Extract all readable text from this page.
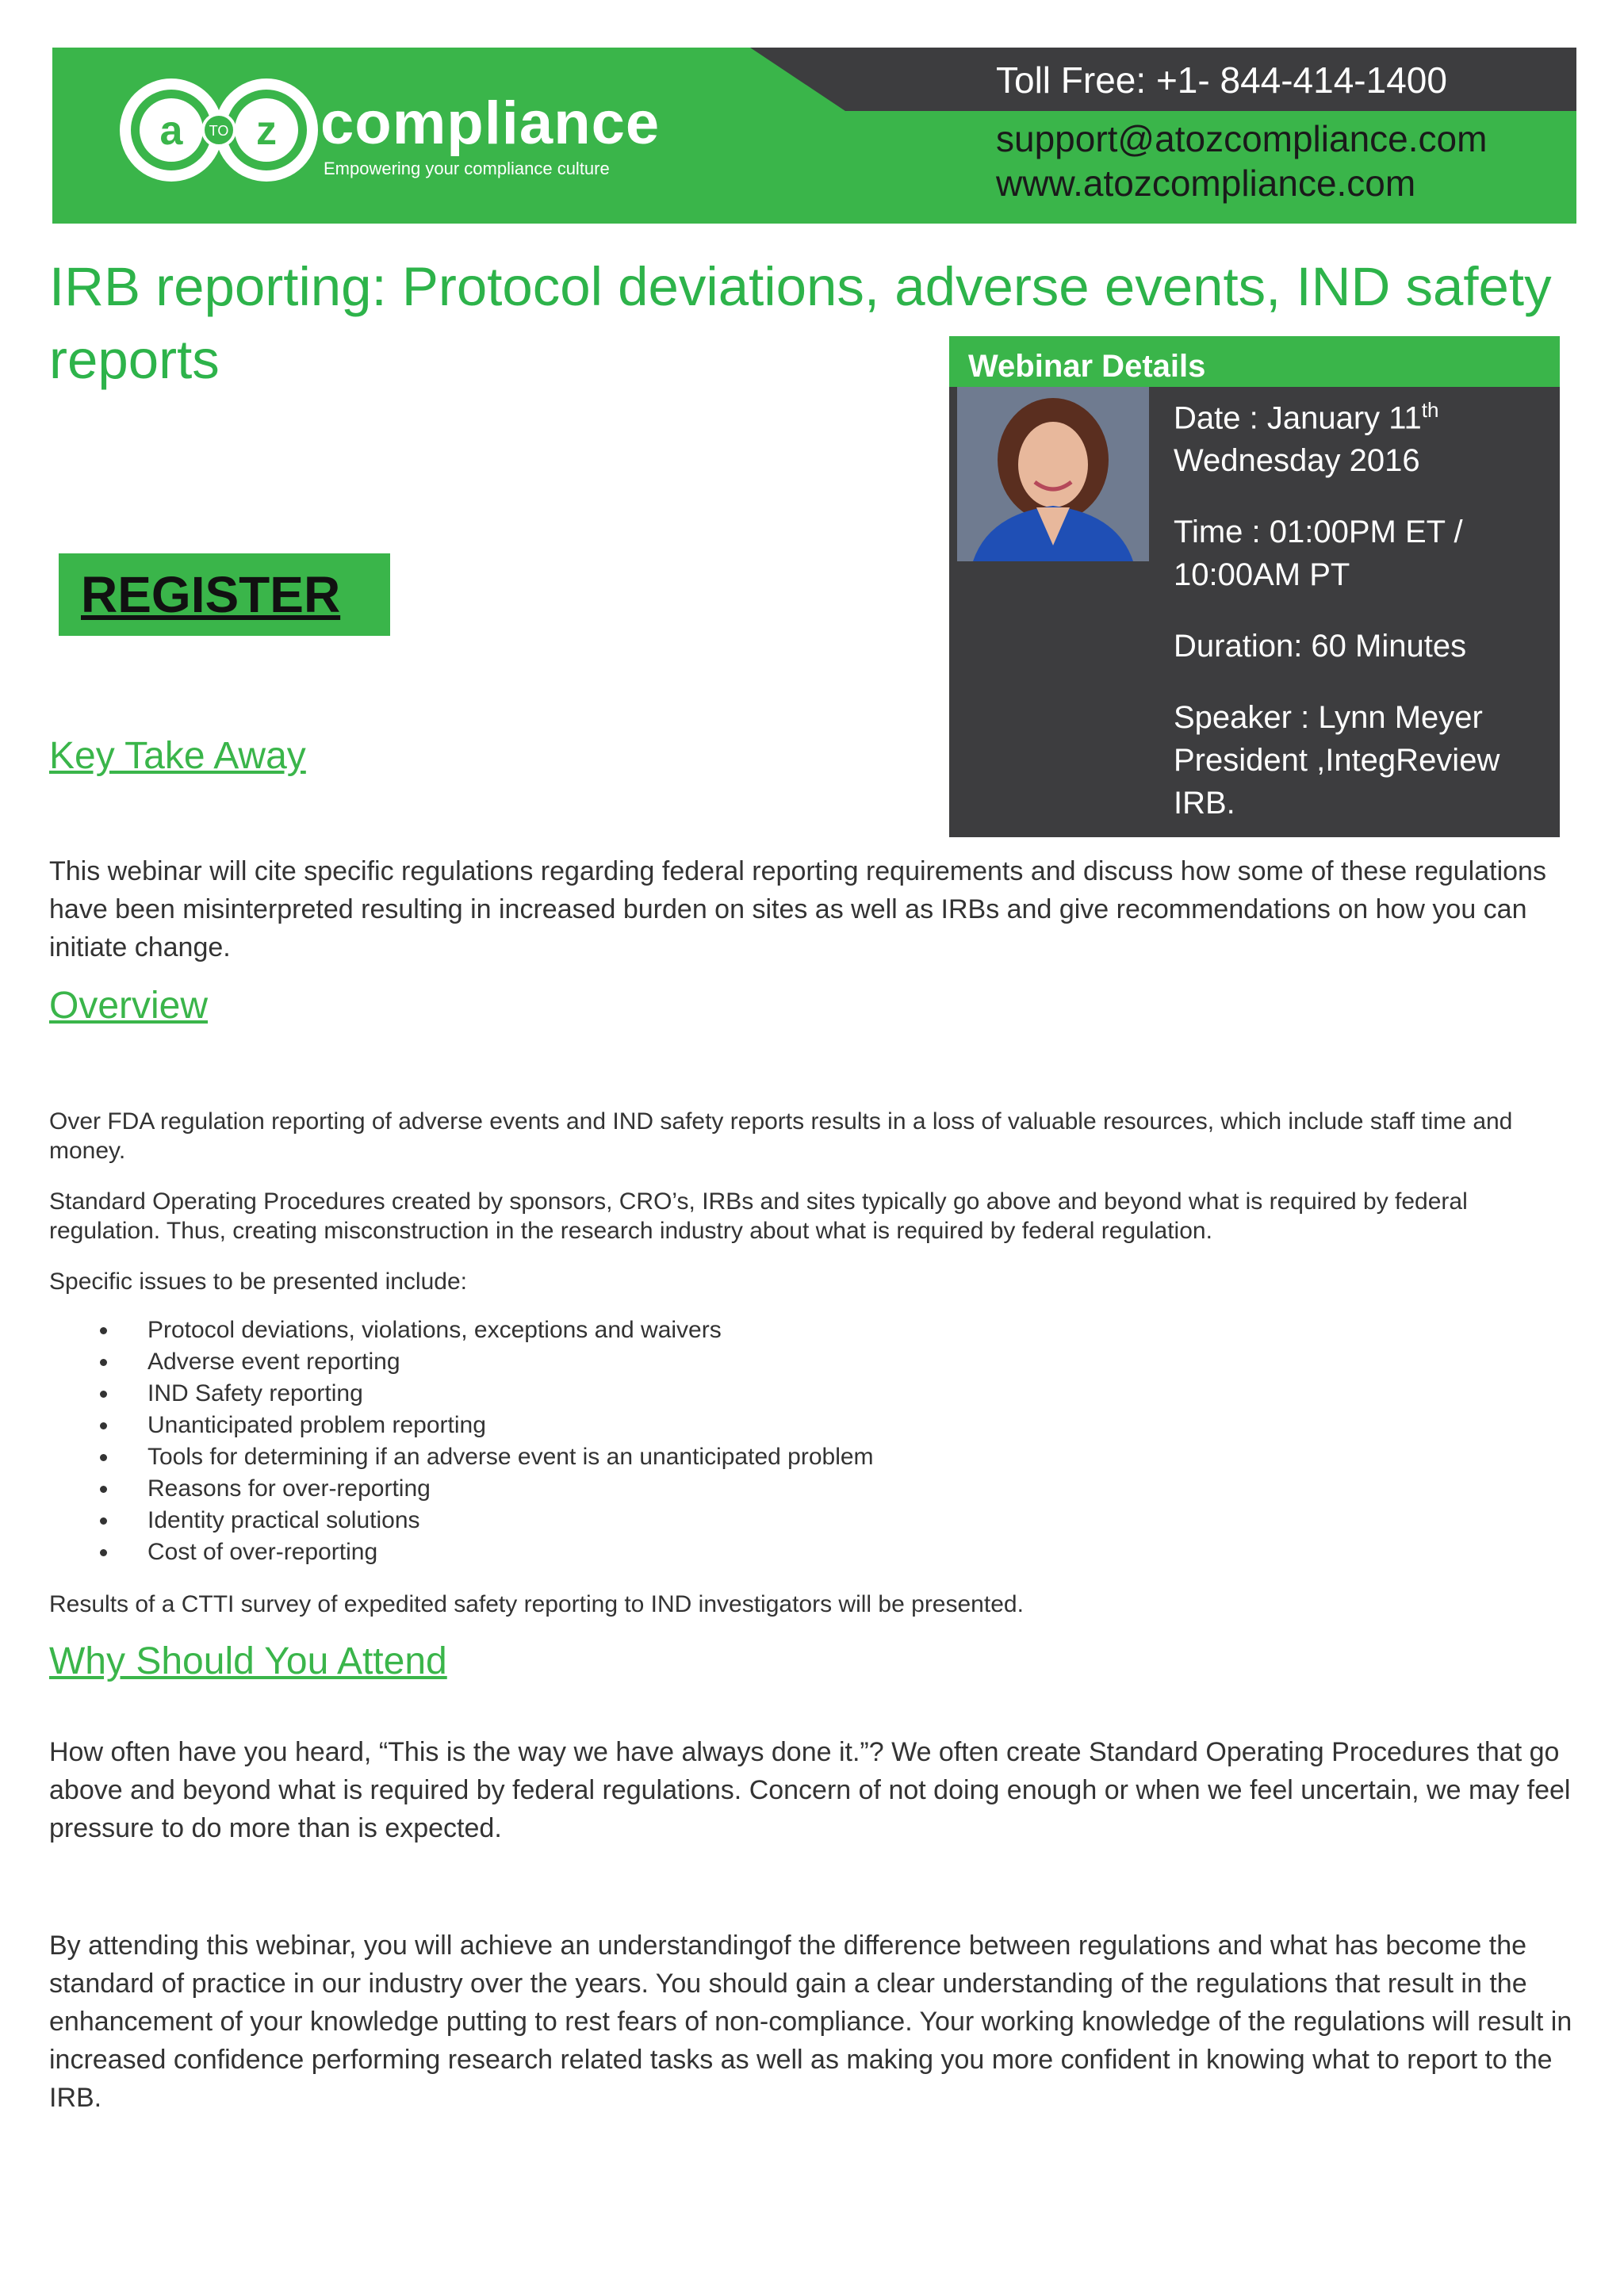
a z
TO compliance
Empowering your compliance culture
Toll Free: +1- 844-414-1400
support@atozcompliance.com
www.atozcompliance.com
IRB reporting: Protocol deviations, adverse events, IND safety reports	Webinar Details

Date : January 11th
Wednesday 2016

Time : 01:00PM ET / 10:00AM PT

Duration: 60 Minutes

Speaker : Lynn Meyer President ,IntegReview IRB.

REGISTER
Key Take Away

This webinar will cite specific regulations regarding federal reporting requirements and discuss how some of these regulations have been misinterpreted resulting in increased burden on sites as well as IRBs and give recommendations on how you can initiate change.

Overview

Over FDA regulation reporting of adverse events and IND safety reports results in a loss of valuable resources, which include staff time and money.

Standard Operating Procedures created by sponsors, CRO’s, IRBs and sites typically go above and beyond what is required by federal regulation. Thus, creating misconstruction in the research industry about what is required by federal regulation.

Specific issues to be presented include:

Protocol deviations, violations, exceptions and waivers
Adverse event reporting
IND Safety reporting
Unanticipated problem reporting
Tools for determining if an adverse event is an unanticipated problem
Reasons for over-reporting
Identity practical solutions
Cost of over-reporting

Results of a CTTI survey of expedited safety reporting to IND investigators will be presented.

Why Should You Attend

How often have you heard, “This is the way we have always done it.”? We often create Standard Operating Procedures that go above and beyond what is required by federal regulations. Concern of not doing enough or when we feel uncertain, we may feel pressure to do more than is expected.

By attending this webinar, you will achieve an understandingof the difference between regulations and what has become the standard of practice in our industry over the years. You should gain a clear understanding of the regulations that result in the enhancement of your knowledge putting to rest fears of non-compliance. Your working knowledge of the regulations will result in increased confidence performing research related tasks as well as making you more confident in knowing what to report to the IRB.
